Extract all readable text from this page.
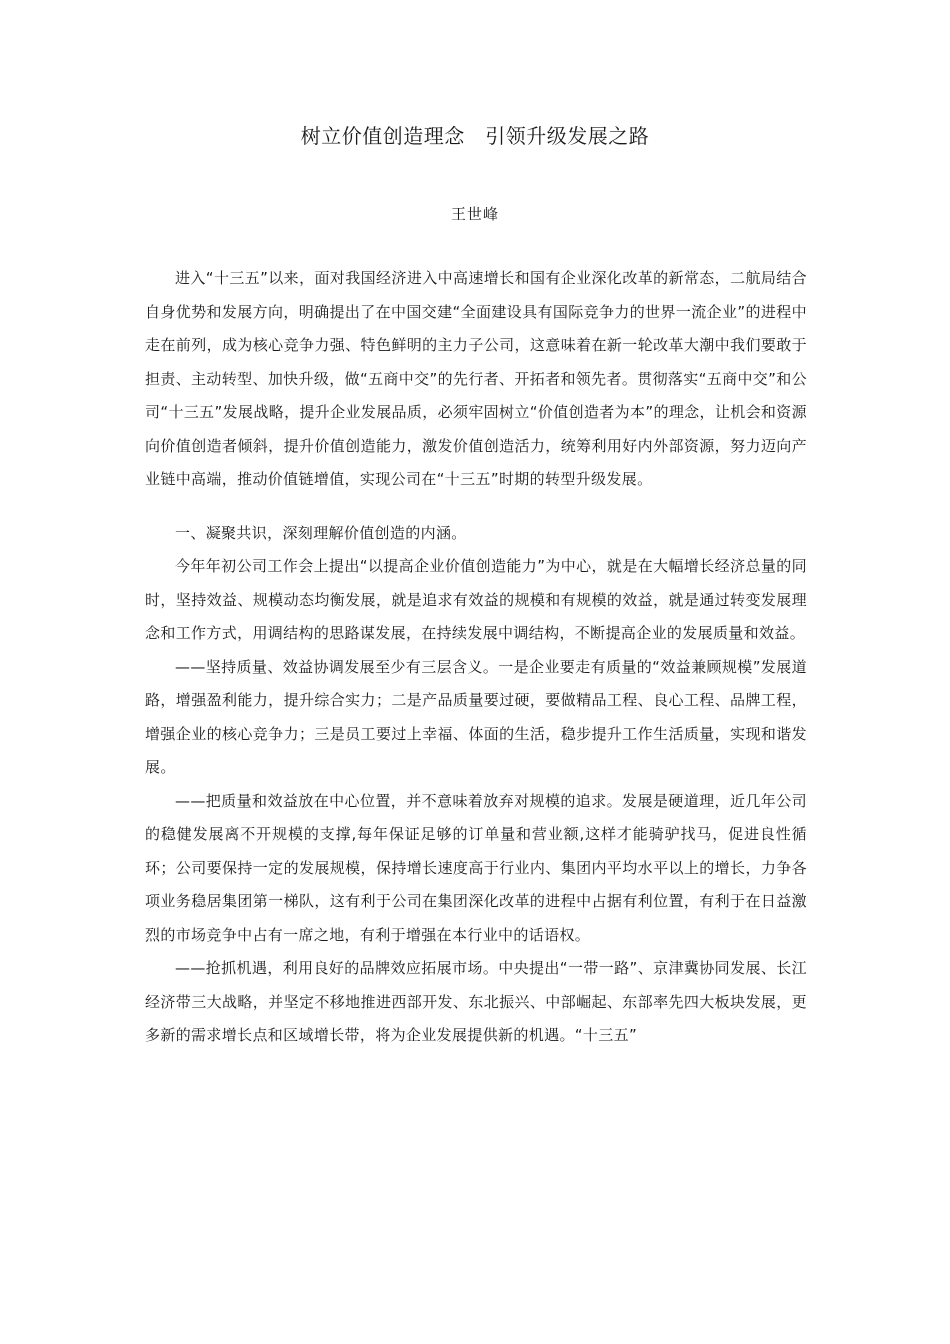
树立价值创造理念　引领升级发展之路
王世峰

进入“十三五”以来，面对我国经济进入中高速增长和国有企业深化改革的新常态，二航局结合自身优势和发展方向，明确提出了在中国交建“全面建设具有国际竞争力的世界一流企业”的进程中走在前列，成为核心竞争力强、特色鲜明的主力子公司，这意味着在新一轮改革大潮中我们要敢于担责、主动转型、加快升级，做“五商中交”的先行者、开拓者和领先者。贯彻落实“五商中交”和公司“十三五”发展战略，提升企业发展品质，必须牢固树立“价值创造者为本”的理念，让机会和资源向价值创造者倾斜，提升价值创造能力，激发价值创造活力，统筹利用好内外部资源，努力迈向产业链中高端，推动价值链增值，实现公司在“十三五”时期的转型升级发展。

一、凝聚共识，深刻理解价值创造的内涵。

今年年初公司工作会上提出“以提高企业价值创造能力”为中心，就是在大幅增长经济总量的同时，坚持效益、规模动态均衡发展，就是追求有效益的规模和有规模的效益，就是通过转变发展理念和工作方式，用调结构的思路谋发展，在持续发展中调结构，不断提高企业的发展质量和效益。

——坚持质量、效益协调发展至少有三层含义。一是企业要走有质量的“效益兼顾规模”发展道路，增强盈利能力，提升综合实力；二是产品质量要过硬，要做精品工程、良心工程、品牌工程，增强企业的核心竞争力；三是员工要过上幸福、体面的生活，稳步提升工作生活质量，实现和谐发展。

——把质量和效益放在中心位置，并不意味着放弃对规模的追求。发展是硬道理，近几年公司的稳健发展离不开规模的支撑,每年保证足够的订单量和营业额,这样才能骑驴找马，促进良性循环；公司要保持一定的发展规模，保持增长速度高于行业内、集团内平均水平以上的增长，力争各项业务稳居集团第一梯队，这有利于公司在集团深化改革的进程中占据有利位置，有利于在日益激烈的市场竞争中占有一席之地，有利于增强在本行业中的话语权。

——抢抓机遇，利用良好的品牌效应拓展市场。中央提出“一带一路”、京津冀协同发展、长江经济带三大战略，并坚定不移地推进西部开发、东北振兴、中部崛起、东部率先四大板块发展，更多新的需求增长点和区域增长带，将为企业发展提供新的机遇。“十三五”
